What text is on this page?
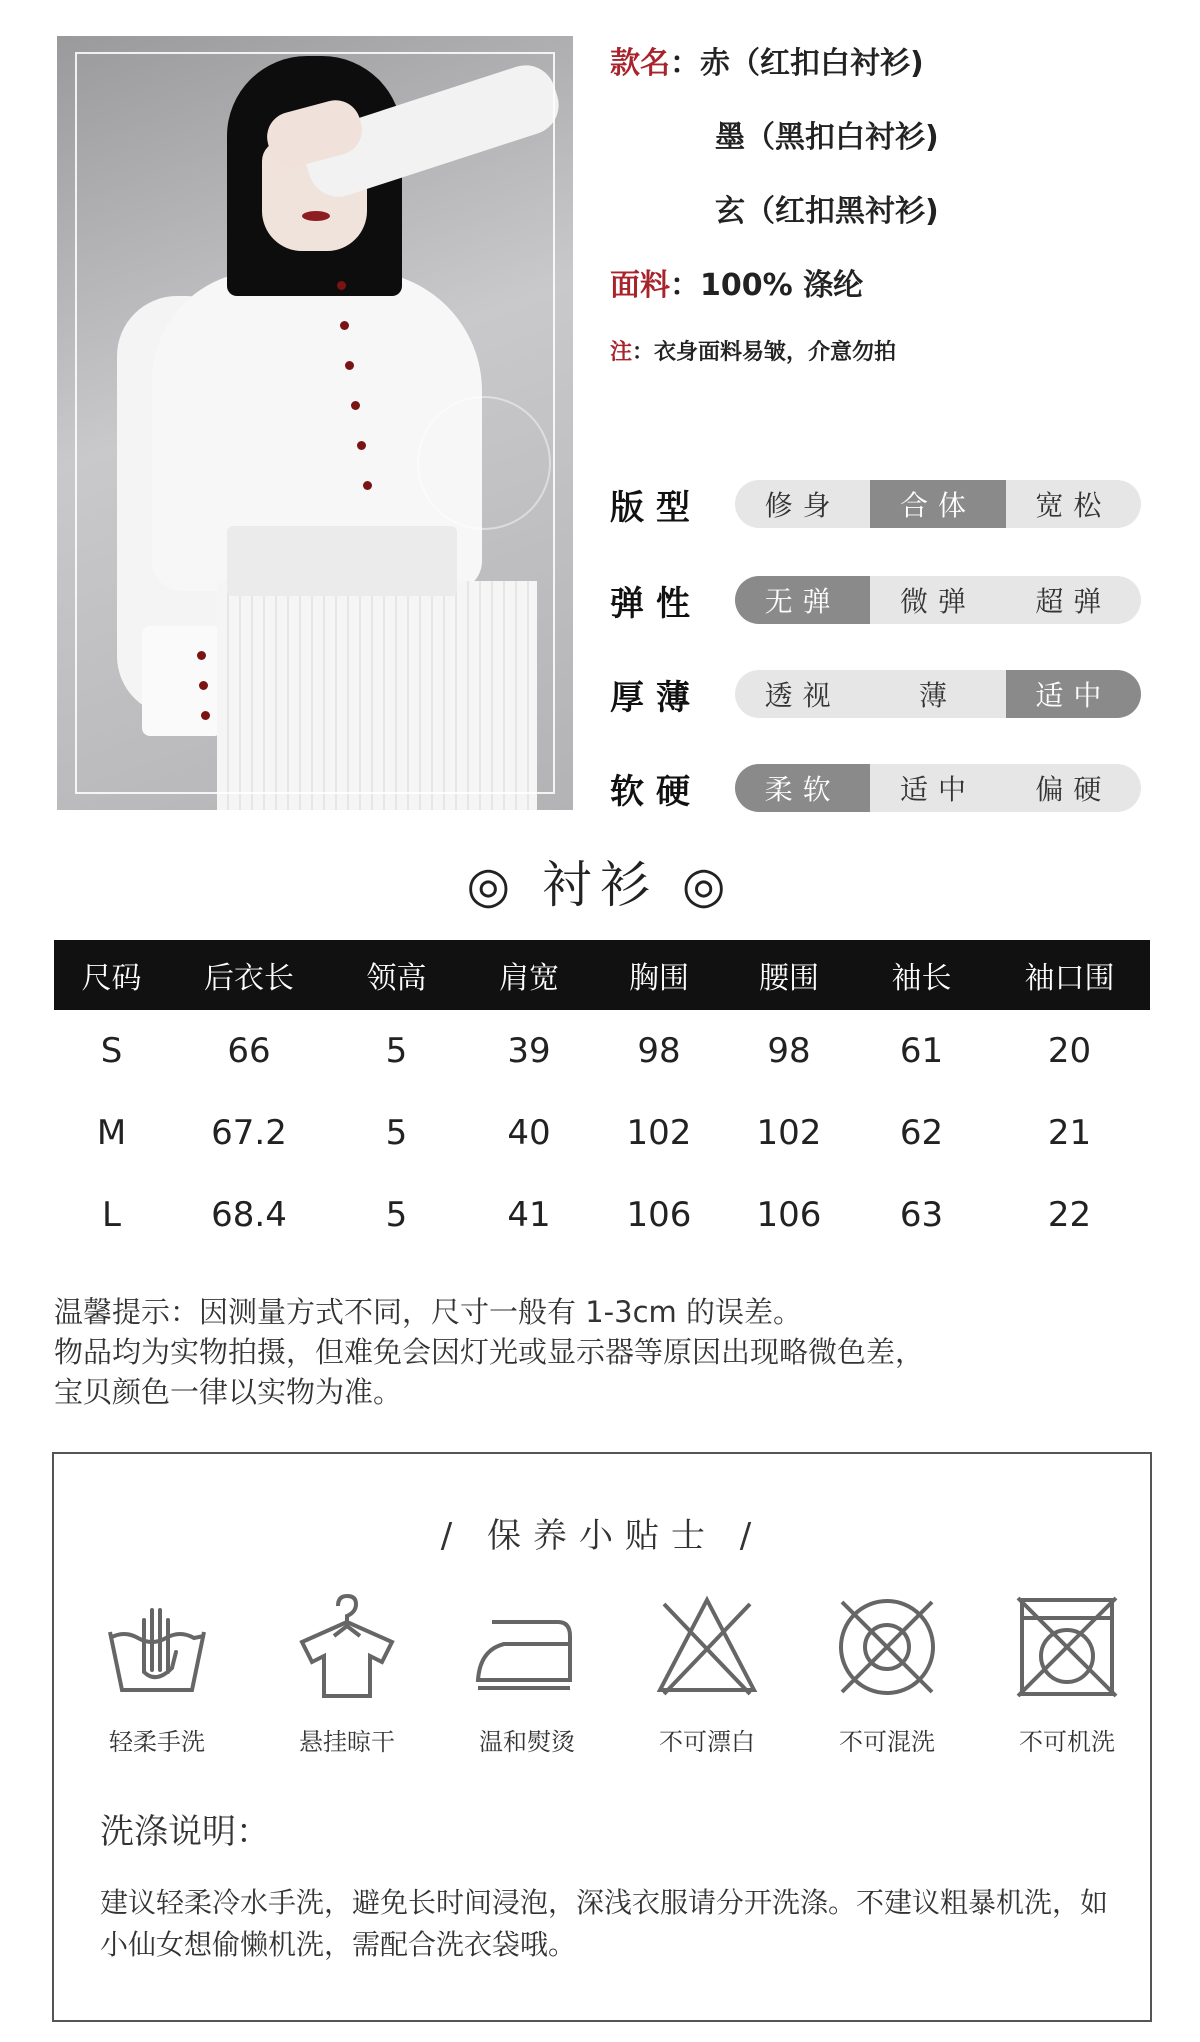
款名：赤（红扣白衬衫)
墨（黑扣白衬衫)
玄（红扣黑衬衫)
面料：100% 涤纶
注：衣身面料易皱，介意勿拍
版型	修身	合体	宽松
弹性	无弹	微弹	超弹
厚薄	透视	薄	适中
软硬	柔软	适中	偏硬
◎ 衬衫 ◎
尺码	后衣长	领高	肩宽	胸围	腰围	袖长	袖口围
S	66	5	39	98	98	61	20
M	67.2	5	40	102	102	62	21
L	68.4	5	41	106	106	63	22
温馨提示：因测量方式不同，尺寸一般有 1-3cm 的误差。
物品均为实物拍摄，但难免会因灯光或显示器等原因出现略微色差，
宝贝颜色一律以实物为准。
/ 保养小贴士 /
轻柔手洗	悬挂晾干	温和熨烫	不可漂白	不可混洗	不可机洗
洗涤说明：
建议轻柔冷水手洗，避免长时间浸泡，深浅衣服请分开洗涤。不建议粗暴机洗，如小仙女想偷懒机洗，需配合洗衣袋哦。
